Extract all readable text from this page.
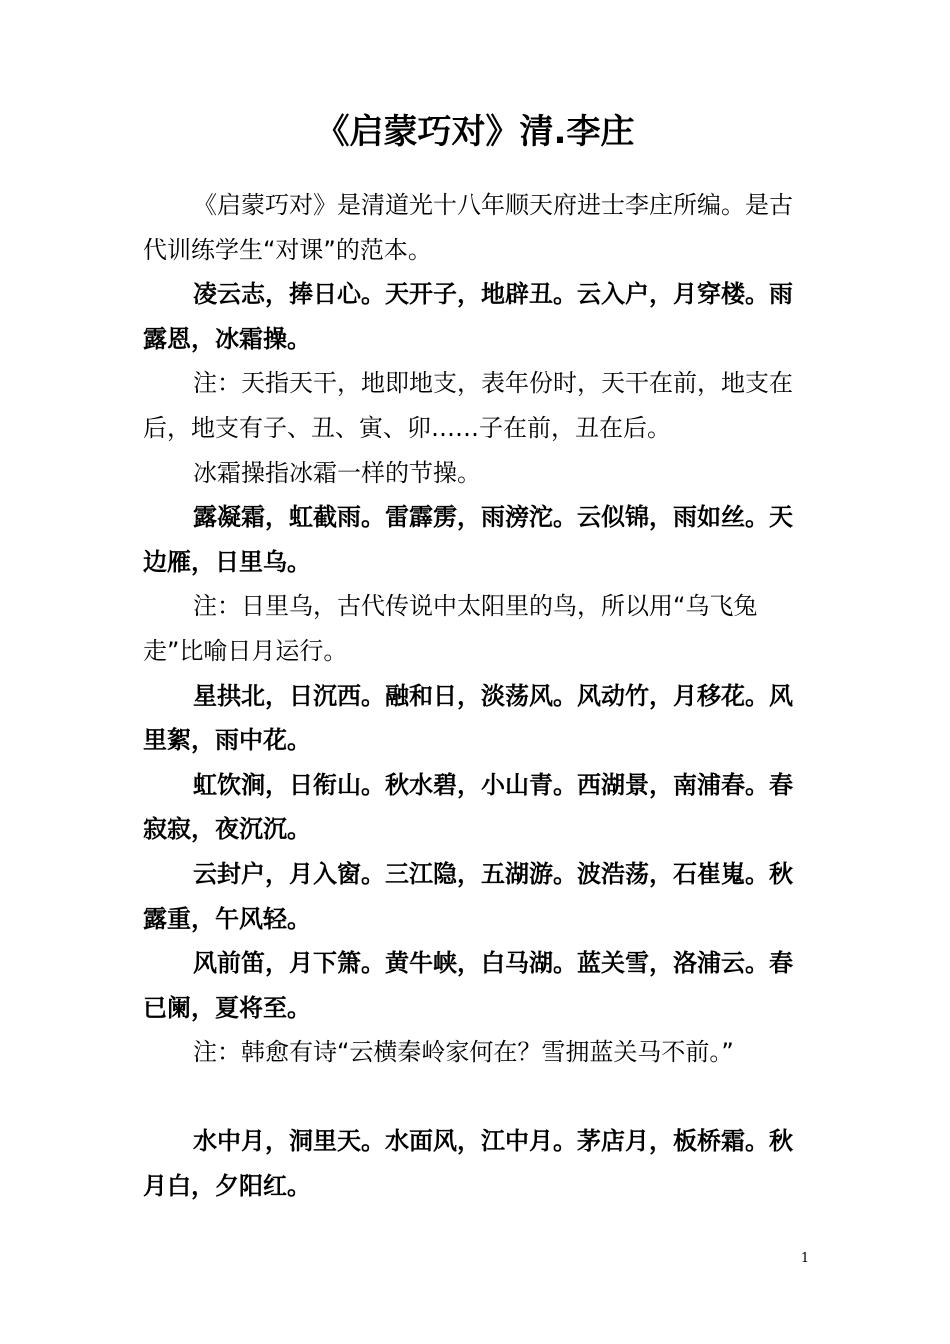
《启蒙巧对》清.李庄

《启蒙巧对》是清道光十八年顺天府进士李庄所编。是古代训练学生“对课”的范本。

凌云志，捧日心。天开子，地辟丑。云入户，月穿楼。雨露恩，冰霜操。

注：天指天干，地即地支，表年份时，天干在前，地支在后，地支有子、丑、寅、卯……子在前，丑在后。

冰霜操指冰霜一样的节操。

露凝霜，虹截雨。雷霹雳，雨滂沱。云似锦，雨如丝。天边雁，日里乌。

注：日里乌，古代传说中太阳里的鸟，所以用“乌飞兔走”比喻日月运行。

星拱北，日沉西。融和日，淡荡风。风动竹，月移花。风里絮，雨中花。

虹饮涧，日衔山。秋水碧，小山青。西湖景，南浦春。春寂寂，夜沉沉。

云封户，月入窗。三江隐，五湖游。波浩荡，石崔嵬。秋露重，午风轻。

风前笛，月下箫。黄牛峡，白马湖。蓝关雪，洛浦云。春已阑，夏将至。

注：韩愈有诗“云横秦岭家何在？雪拥蓝关马不前。”

水中月，洞里天。水面风，江中月。茅店月，板桥霜。秋月白，夕阳红。

1
